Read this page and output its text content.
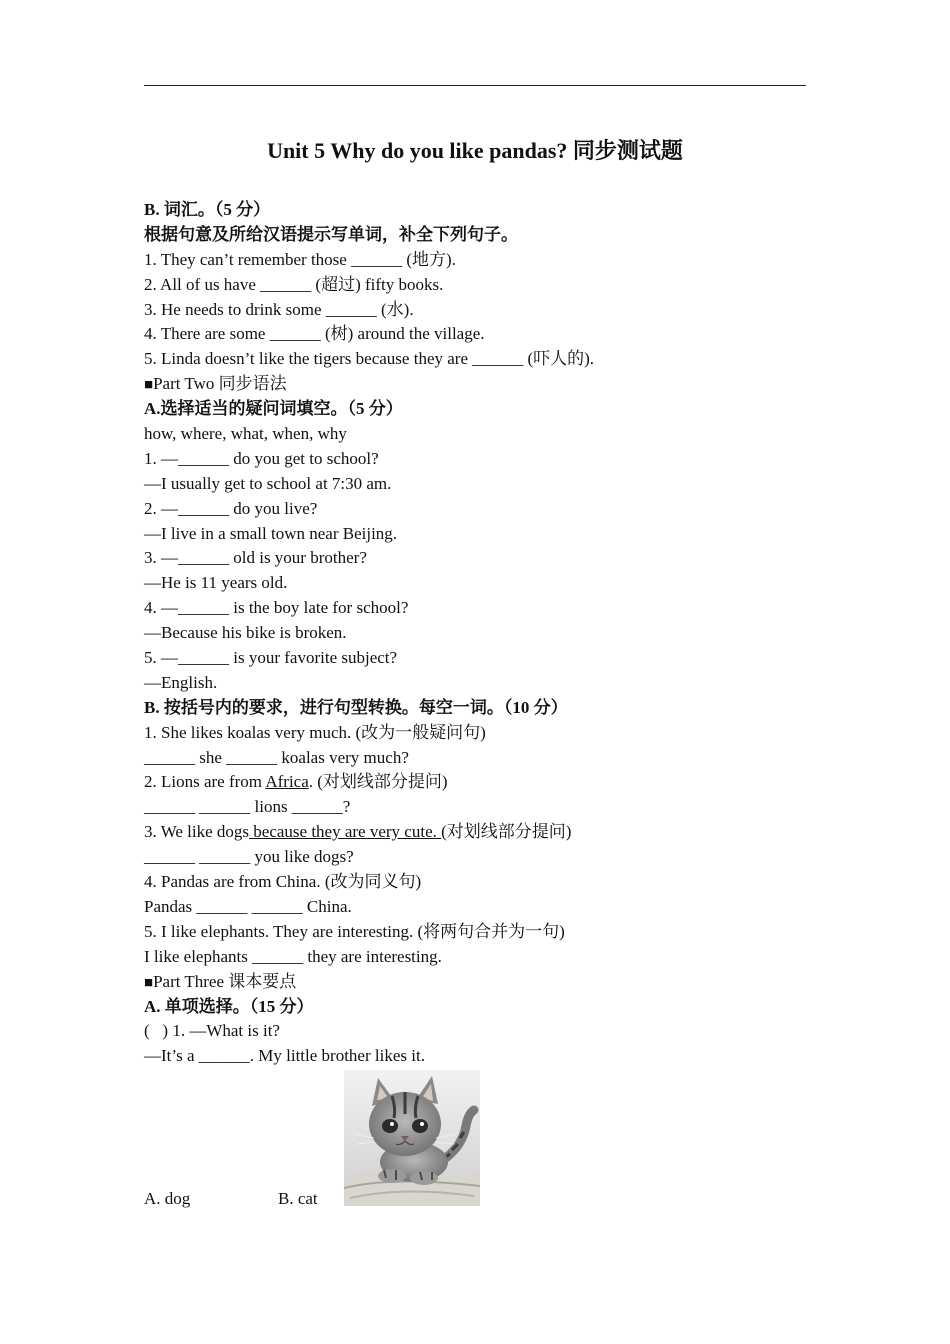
Unit 5 Why do you like pandas? 同步测试题
B. 词汇。（5 分）
根据句意及所给汉语提示写单词，补全下列句子。
1. They can’t remember those ______ (地方).
2. All of us have ______ (超过) fifty books.
3. He needs to drink some ______ (水).
4. There are some ______ (树) around the village.
5. Linda doesn’t like the tigers because they are ______ (吓人的).
■Part Two 同步语法
A.选择适当的疑问词填空。（5 分）
how, where, what, when, why
1. —______ do you get to school?
—I usually get to school at 7:30 am.
2. —______ do you live?
—I live in a small town near Beijing.
3. —______ old is your brother?
—He is 11 years old.
4. —______ is the boy late for school?
—Because his bike is broken.
5. —______ is your favorite subject?
—English.
B. 按括号内的要求，进行句型转换。每空一词。（10 分）
1. She likes koalas very much. (改为一般疑问句)
______ she ______ koalas very much?
2. Lions are from Africa. (对划线部分提问)
______ ______ lions ______?
3. We like dogs because they are very cute. (对划线部分提问)
______ ______ you like dogs?
4. Pandas are from China. (改为同义句)
Pandas ______ ______ China.
5. I like elephants. They are interesting. (将两句合并为一句)
I like elephants ______ they are interesting.
■Part Three 课本要点
A. 单项选择。（15 分）
(   ) 1. —What is it?
—It’s a ______. My little brother likes it.
A. dog	B. cat
